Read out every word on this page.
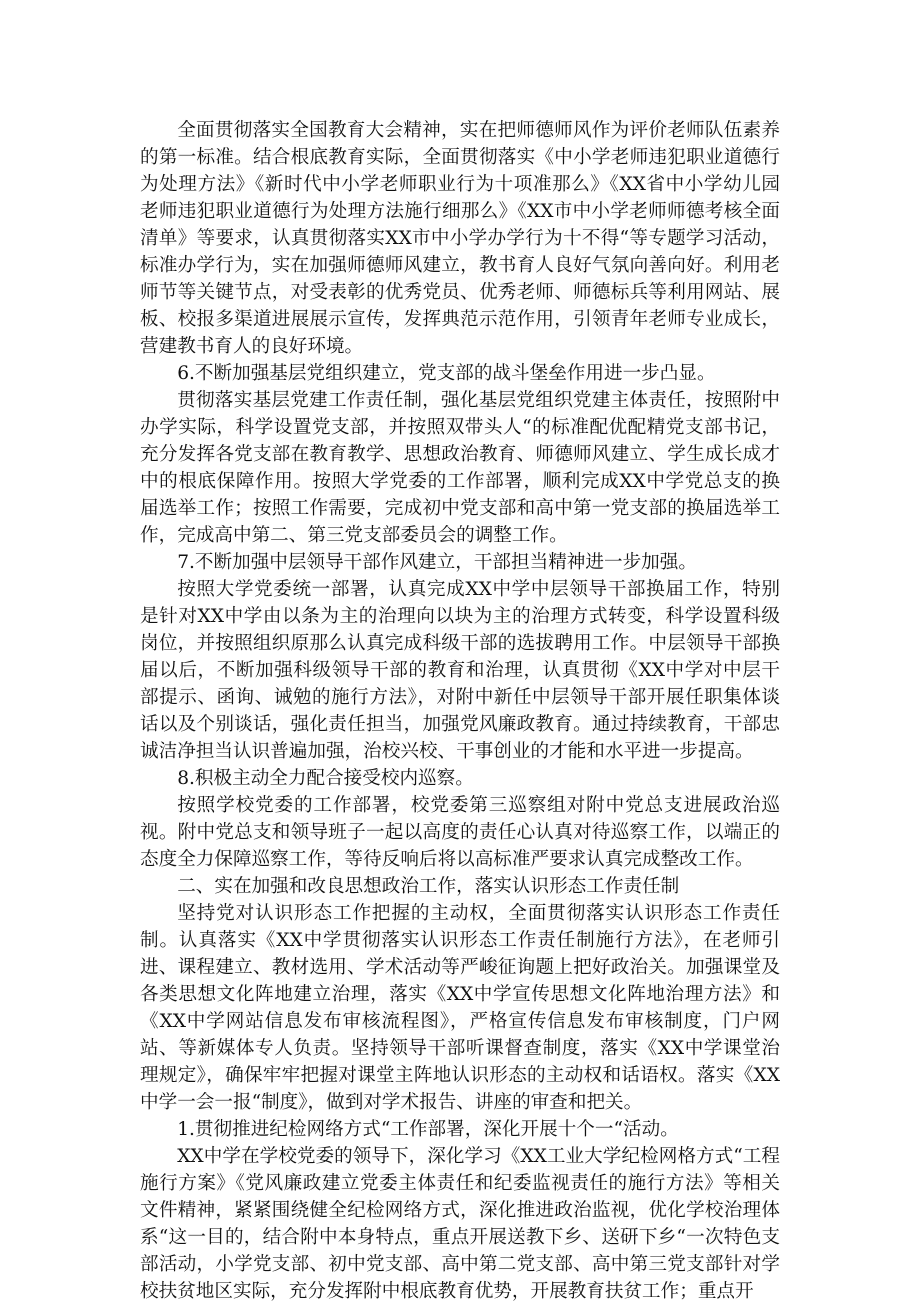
全面贯彻落实全国教育大会精神，实在把师德师风作为评价老师队伍素养的第一标准。结合根底教育实际，全面贯彻落实《中小学老师违犯职业道德行为处理方法》《新时代中小学老师职业行为十项准那么》《XX省中小学幼儿园老师违犯职业道德行为处理方法施行细那么》《XX市中小学老师师德考核全面清单》等要求，认真贯彻落实XX市中小学办学行为十不得“等专题学习活动，标准办学行为，实在加强师德师风建立，教书育人良好气氛向善向好。利用老师节等关键节点，对受表彰的优秀党员、优秀老师、师德标兵等利用网站、展板、校报多渠道进展展示宣传，发挥典范示范作用，引领青年老师专业成长，营建教书育人的良好环境。

6.不断加强基层党组织建立，党支部的战斗堡垒作用进一步凸显。

贯彻落实基层党建工作责任制，强化基层党组织党建主体责任，按照附中办学实际，科学设置党支部，并按照双带头人“的标准配优配精党支部书记，充分发挥各党支部在教育教学、思想政治教育、师德师风建立、学生成长成才中的根底保障作用。按照大学党委的工作部署，顺利完成XX中学党总支的换届选举工作；按照工作需要，完成初中党支部和高中第一党支部的换届选举工作，完成高中第二、第三党支部委员会的调整工作。

7.不断加强中层领导干部作风建立，干部担当精神进一步加强。

按照大学党委统一部署，认真完成XX中学中层领导干部换届工作，特别是针对XX中学由以条为主的治理向以块为主的治理方式转变，科学设置科级岗位，并按照组织原那么认真完成科级干部的选拔聘用工作。中层领导干部换届以后，不断加强科级领导干部的教育和治理，认真贯彻《XX中学对中层干部提示、函询、诫勉的施行方法》，对附中新任中层领导干部开展任职集体谈话以及个别谈话，强化责任担当，加强党风廉政教育。通过持续教育，干部忠诚洁净担当认识普遍加强，治校兴校、干事创业的才能和水平进一步提高。

8.积极主动全力配合接受校内巡察。

按照学校党委的工作部署，校党委第三巡察组对附中党总支进展政治巡视。附中党总支和领导班子一起以高度的责任心认真对待巡察工作，以端正的态度全力保障巡察工作，等待反响后将以高标准严要求认真完成整改工作。

二、实在加强和改良思想政治工作，落实认识形态工作责任制

坚持党对认识形态工作把握的主动权，全面贯彻落实认识形态工作责任制。认真落实《XX中学贯彻落实认识形态工作责任制施行方法》，在老师引进、课程建立、教材选用、学术活动等严峻征询题上把好政治关。加强课堂及各类思想文化阵地建立治理，落实《XX中学宣传思想文化阵地治理方法》和《XX中学网站信息发布审核流程图》，严格宣传信息发布审核制度，门户网站、等新媒体专人负责。坚持领导干部听课督查制度，落实《XX中学课堂治理规定》，确保牢牢把握对课堂主阵地认识形态的主动权和话语权。落实《XX中学一会一报“制度》，做到对学术报告、讲座的审查和把关。

1.贯彻推进纪检网络方式“工作部署，深化开展十个一“活动。

XX中学在学校党委的领导下，深化学习《XX工业大学纪检网格方式“工程施行方案》《党风廉政建立党委主体责任和纪委监视责任的施行方法》等相关文件精神，紧紧围绕健全纪检网络方式，深化推进政治监视，优化学校治理体系“这一目的，结合附中本身特点，重点开展送教下乡、送研下乡“一次特色支部活动，小学党支部、初中党支部、高中第二党支部、高中第三党支部针对学校扶贫地区实际，充分发挥附中根底教育优势，开展教育扶贫工作；重点开
